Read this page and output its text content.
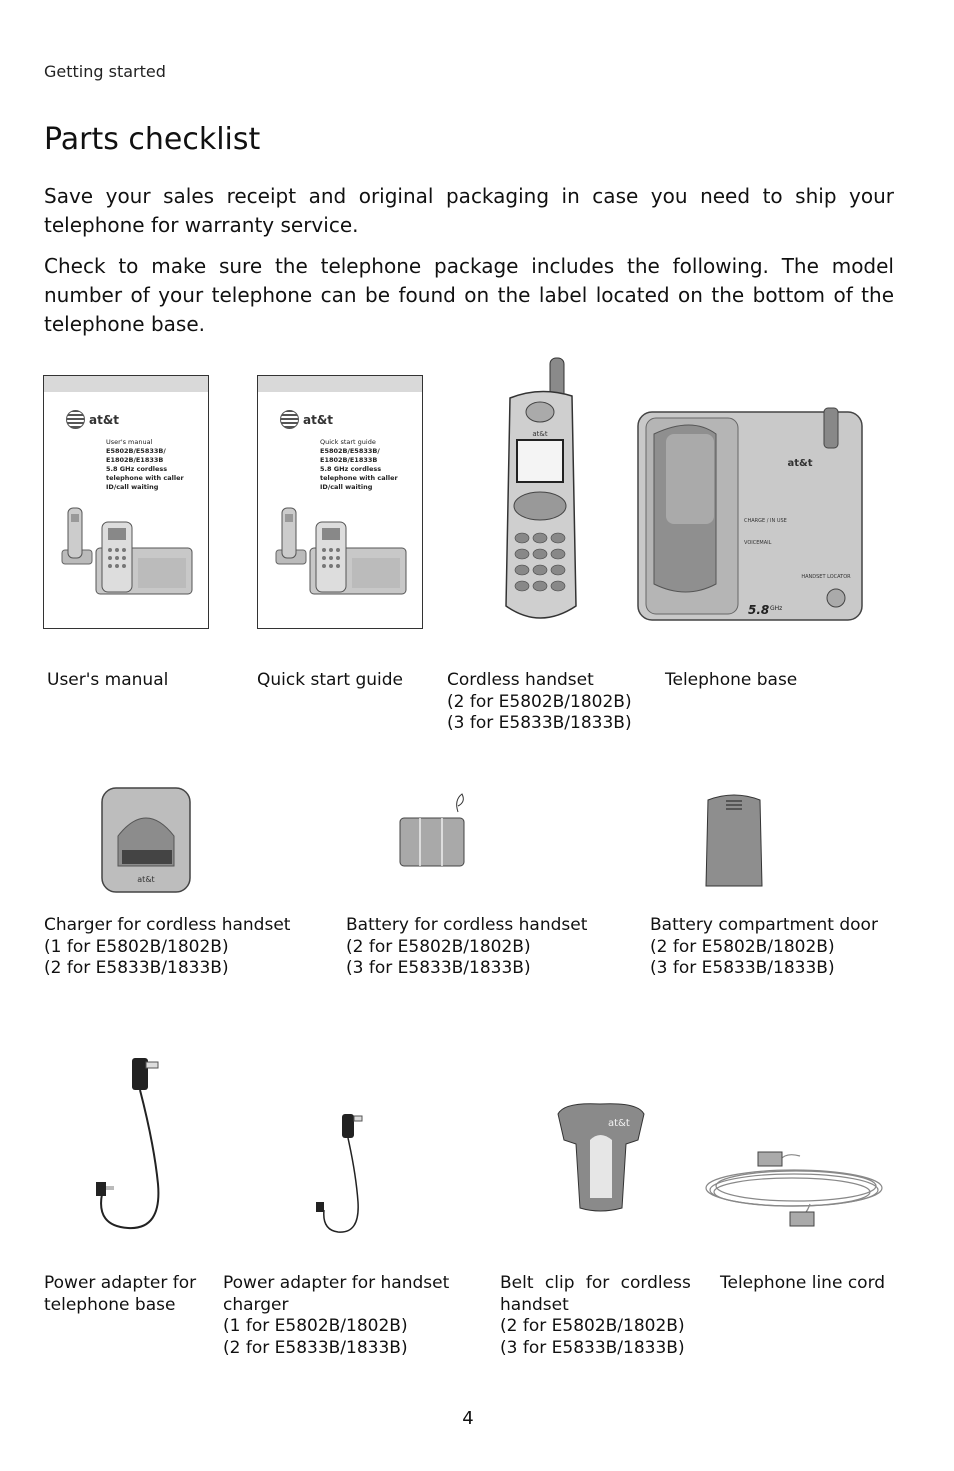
Getting started
Parts checklist

Save your sales receipt and original packaging in case you need to ship your telephone for warranty service.

Check to make sure the telephone package includes the following. The model number of your telephone can be found on the label located on the bottom of the telephone base.

at&t
User's manual
E5802B/E5833B/
E1802B/E1833B
5.8 GHz cordless
telephone with caller
ID/call waiting
at&t
Quick start guide
E5802B/E5833B/
E1802B/E1833B
5.8 GHz cordless
telephone with caller
ID/call waiting
at&t
at&t
CHARGE / IN USE
VOICEMAIL
HANDSET LOCATOR
5.8 GHz
User's manual	Quick start guide	Cordless handset
(2 for E5802B/1802B)
(3 for E5833B/1833B)
Telephone base
at&t
Charger for cordless handset
(1 for E5802B/1802B)
(2 for E5833B/1833B)
Battery for cordless handset
(2 for E5802B/1802B)
(3 for E5833B/1833B)
Battery compartment door
(2 for E5802B/1802B)
(3 for E5833B/1833B)
at&t
Power adapter for
telephone base
Power adapter for handset
charger
(1 for E5802B/1802B)
(2 for E5833B/1833B)
Belt clip for cordless
handset
(2 for E5802B/1802B)
(3 for E5833B/1833B)
Telephone line cord
4
